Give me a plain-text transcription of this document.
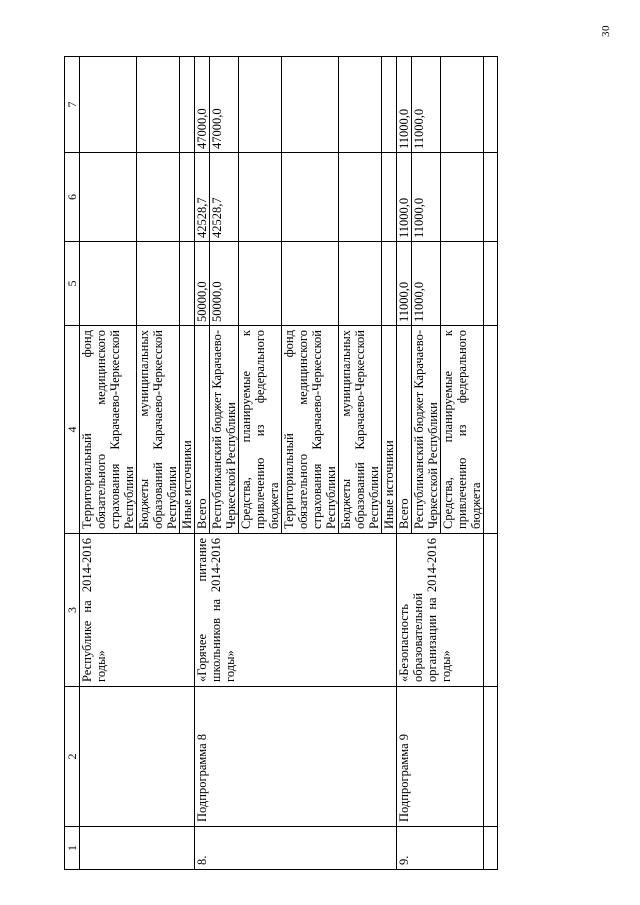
30
1	2	3	4	5	6	7
		Республике на 2014-2016 годы»	Территориальный фонд обязательного медицинского страхования Карачаево-Черкесской Республики			
			Бюджеты муниципальных образований Карачаево-Черкесской Республики			
			Иные источники			
8.	Подпрограмма 8	«Горячее питание школьников на 2014-2016 годы»	Всего	50000,0	42528,7	47000,0
			Республиканский бюджет Карачаево-Черкесской Республики	50000,0	42528,7	47000,0
			Средства, планируемые к привлечению из федерального бюджета			
			Территориальный фонд обязательного медицинского страхования Карачаево-Черкесской Республики			
			Бюджеты муниципальных образований Карачаево-Черкесской Республики			
			Иные источники			
9.	Подпрограмма 9	«Безопасность образовательной организации на 2014-2016 годы»	Всего	11000,0	11000,0	11000,0
			Республиканский бюджет Карачаево-Черкесской Республики	11000,0	11000,0	11000,0
			Средства, планируемые к привлечению из федерального бюджета			
